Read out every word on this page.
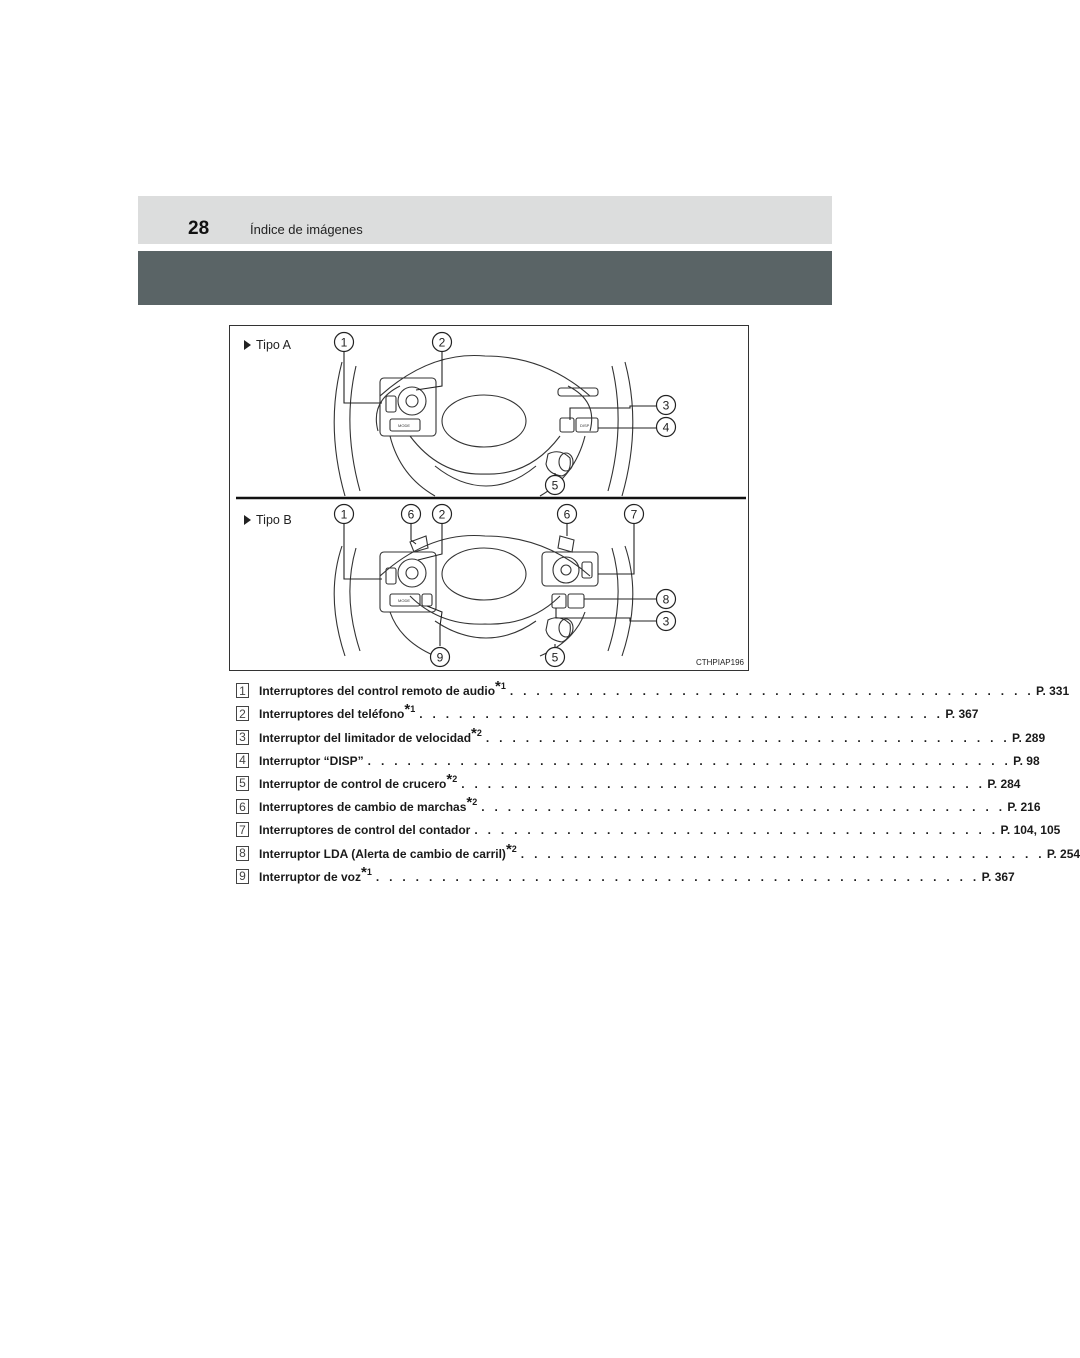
28	Índice de imágenes
MODE	DISP
1	2
3
4
5
MODE
1	6 2	6	7
8
3
9	5
Tipo A
Tipo B
CTHPIAP196
1 Interruptores del control remoto de audio$^{*1}$ . . . . . . . . . . . . . . . . . . . . . . . . . . . . . . . . . . . . . . . . P. 331
2 Interruptores del teléfono$^{*1}$ . . . . . . . . . . . . . . . . . . . . . . . . . . . . . . . . . . . . . . . . P. 367
3 Interruptor del limitador de velocidad$^{*2}$ . . . . . . . . . . . . . . . . . . . . . . . . . . . . . . . . . . . . . . . . P. 289
4 Interruptor “DISP” . . . . . . . . . . . . . . . . . . . . . . . . . . . . . . . . . . . . . . . . . . . . . . . . . P. 98
5 Interruptor de control de crucero$^{*2}$ . . . . . . . . . . . . . . . . . . . . . . . . . . . . . . . . . . . . . . . . P. 284
6 Interruptores de cambio de marchas$^{*2}$ . . . . . . . . . . . . . . . . . . . . . . . . . . . . . . . . . . . . . . . . P. 216
7 Interruptores de control del contador . . . . . . . . . . . . . . . . . . . . . . . . . . . . . . . . . . . . . . . . P. 104, 105
8 Interruptor LDA (Alerta de cambio de carril)$^{*2}$ . . . . . . . . . . . . . . . . . . . . . . . . . . . . . . . . . . . . . . . . P. 254
9 Interruptor de voz$^{*1}$ . . . . . . . . . . . . . . . . . . . . . . . . . . . . . . . . . . . . . . . . . . . . . . P. 367
